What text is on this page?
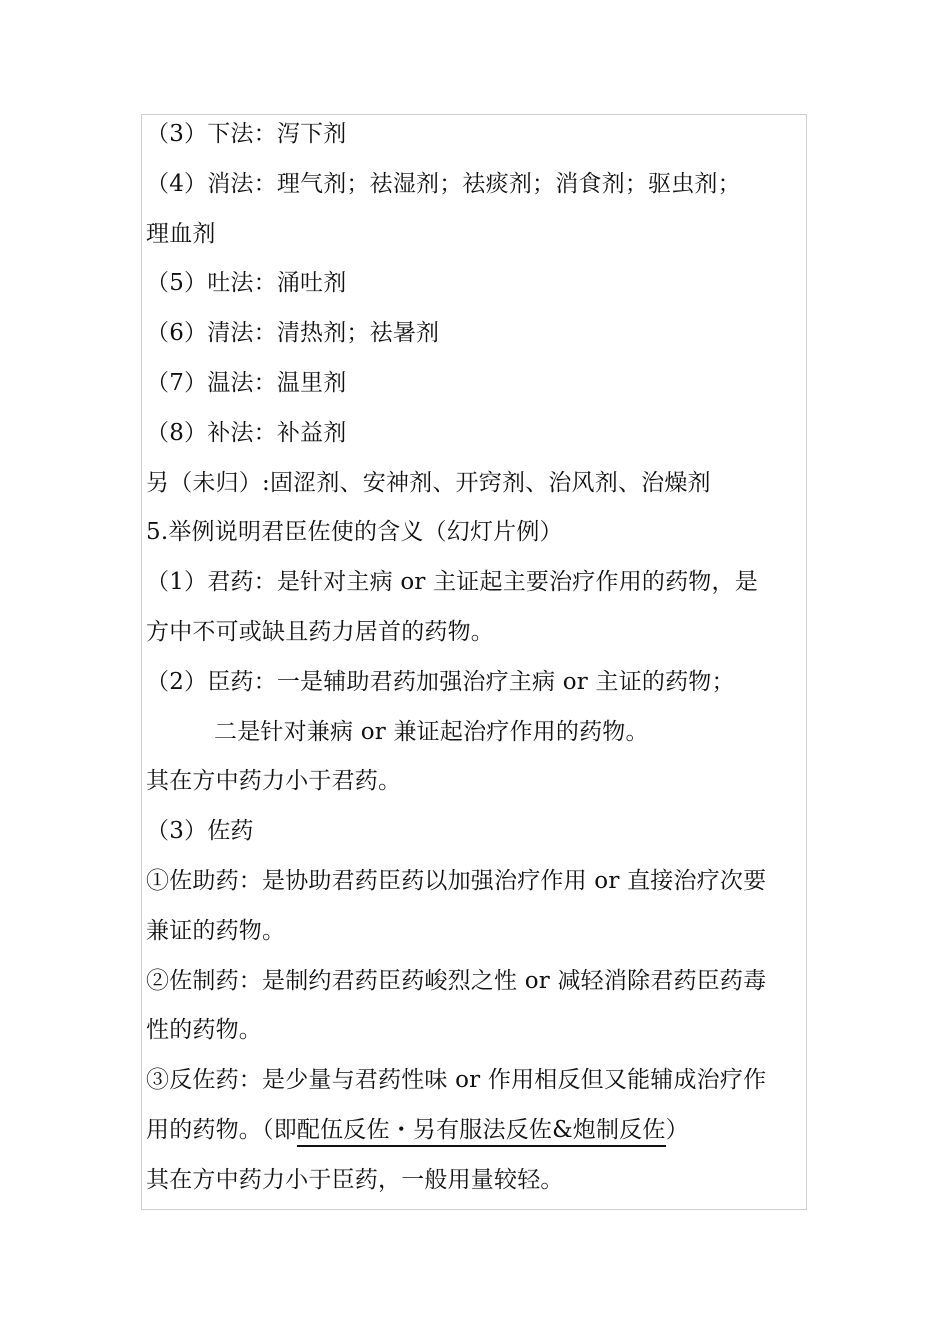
（3）下法：泻下剂
（4）消法：理气剂；祛湿剂；祛痰剂；消食剂；驱虫剂；
理血剂
（5）吐法：涌吐剂
（6）清法：清热剂；祛暑剂
（7）温法：温里剂
（8）补法：补益剂
另（未归）:固涩剂、安神剂、开窍剂、治风剂、治燥剂
5.举例说明君臣佐使的含义（幻灯片例）
（1）君药：是针对主病 or 主证起主要治疗作用的药物，是
方中不可或缺且药力居首的药物。
（2）臣药：一是辅助君药加强治疗主病 or 主证的药物；
二是针对兼病 or 兼证起治疗作用的药物。
其在方中药力小于君药。
（3）佐药
①佐助药：是协助君药臣药以加强治疗作用 or 直接治疗次要
兼证的药物。
②佐制药：是制约君药臣药峻烈之性 or 减轻消除君药臣药毒
性的药物。
③反佐药：是少量与君药性味 or 作用相反但又能辅成治疗作
用的药物。（即配伍反佐・另有服法反佐&炮制反佐）
其在方中药力小于臣药，一般用量较轻。
